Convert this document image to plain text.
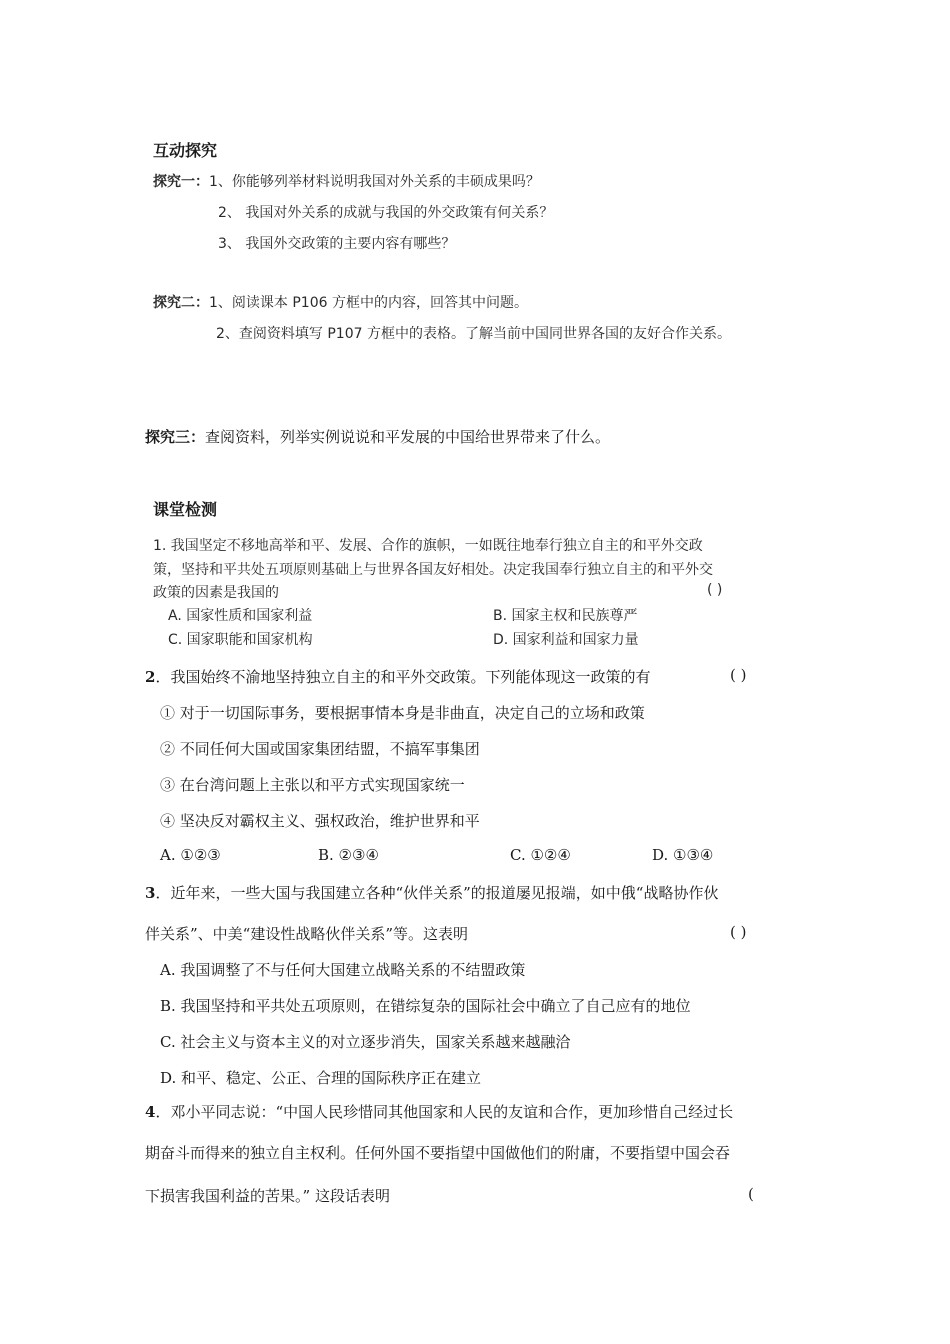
互动探究
探究一：1、你能够列举材料说明我国对外关系的丰硕成果吗？
2、 我国对外关系的成就与我国的外交政策有何关系？
3、 我国外交政策的主要内容有哪些？
探究二：1、阅读课本 P106 方框中的内容，回答其中问题。
2、查阅资料填写 P107 方框中的表格。了解当前中国同世界各国的友好合作关系。
探究三：查阅资料，列举实例说说和平发展的中国给世界带来了什么。
课堂检测
1. 我国坚定不移地高举和平、发展、合作的旗帜，一如既往地奉行独立自主的和平外交政
策，坚持和平共处五项原则基础上与世界各国友好相处。决定我国奉行独立自主的和平外交
政策的因素是我国的	( )
A. 国家性质和国家利益	B. 国家主权和民族尊严
C. 国家职能和国家机构	D. 国家利益和国家力量
2．我国始终不渝地坚持独立自主的和平外交政策。下列能体现这一政策的有	( )
① 对于一切国际事务，要根据事情本身是非曲直，决定自己的立场和政策
② 不同任何大国或国家集团结盟，不搞军事集团
③ 在台湾问题上主张以和平方式实现国家统一
④ 坚决反对霸权主义、强权政治，维护世界和平
A. ①②③	B. ②③④	C. ①②④	D. ①③④
3．近年来，一些大国与我国建立各种“伙伴关系”的报道屡见报端，如中俄“战略协作伙
伴关系”、中美“建设性战略伙伴关系”等。这表明	( )
A. 我国调整了不与任何大国建立战略关系的不结盟政策
B. 我国坚持和平共处五项原则，在错综复杂的国际社会中确立了自己应有的地位
C. 社会主义与资本主义的对立逐步消失，国家关系越来越融洽
D. 和平、稳定、公正、合理的国际秩序正在建立
4．邓小平同志说：“中国人民珍惜同其他国家和人民的友谊和合作，更加珍惜自己经过长
期奋斗而得来的独立自主权利。任何外国不要指望中国做他们的附庸，不要指望中国会吞
下损害我国利益的苦果。” 这段话表明	(
